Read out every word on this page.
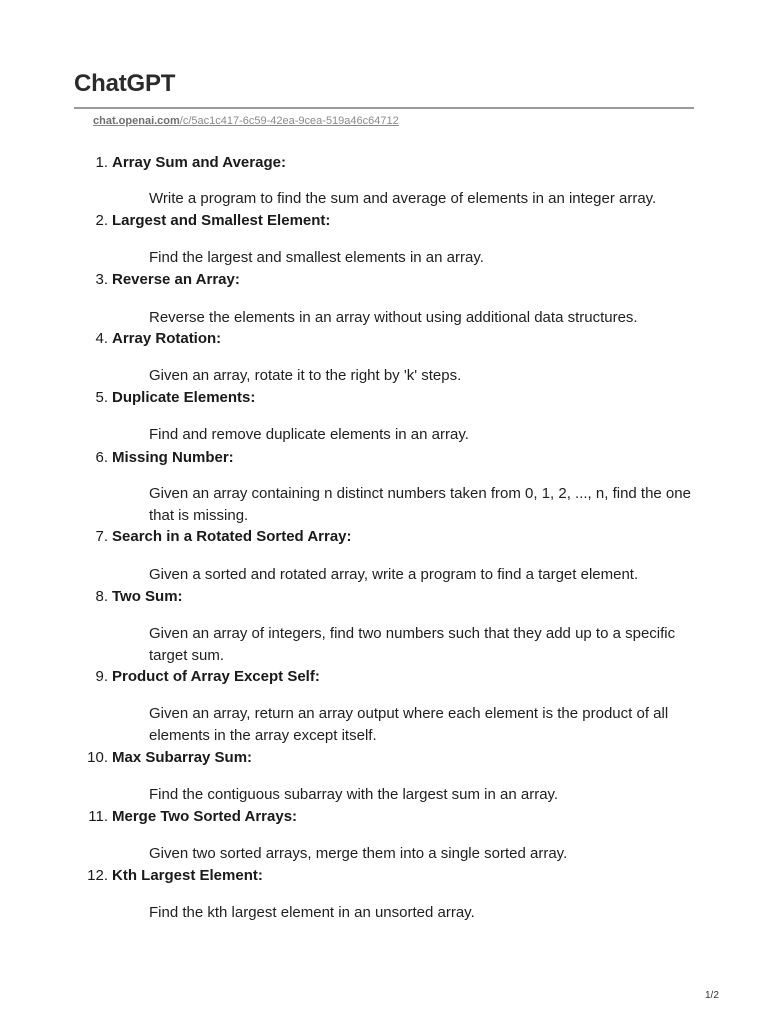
ChatGPT
chat.openai.com/c/5ac1c417-6c59-42ea-9cea-519a46c64712
1. Array Sum and Average:
Write a program to find the sum and average of elements in an integer array.
2. Largest and Smallest Element:
Find the largest and smallest elements in an array.
3. Reverse an Array:
Reverse the elements in an array without using additional data structures.
4. Array Rotation:
Given an array, rotate it to the right by 'k' steps.
5. Duplicate Elements:
Find and remove duplicate elements in an array.
6. Missing Number:
Given an array containing n distinct numbers taken from 0, 1, 2, ..., n, find the one that is missing.
7. Search in a Rotated Sorted Array:
Given a sorted and rotated array, write a program to find a target element.
8. Two Sum:
Given an array of integers, find two numbers such that they add up to a specific target sum.
9. Product of Array Except Self:
Given an array, return an array output where each element is the product of all elements in the array except itself.
10. Max Subarray Sum:
Find the contiguous subarray with the largest sum in an array.
11. Merge Two Sorted Arrays:
Given two sorted arrays, merge them into a single sorted array.
12. Kth Largest Element:
Find the kth largest element in an unsorted array.
1/2
